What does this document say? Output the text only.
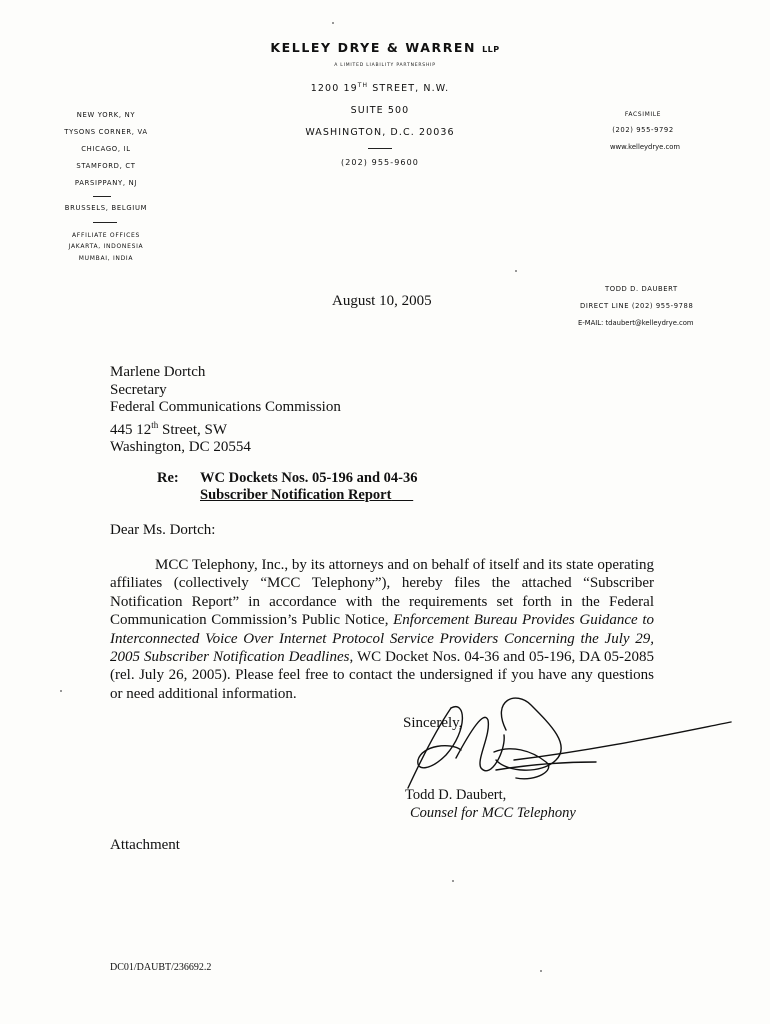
KELLEY DRYE & WARREN LLP
A LIMITED LIABILITY PARTNERSHIP
1200 19TH STREET, N.W.
SUITE 500
WASHINGTON, D.C. 20036
(202) 955-9600
NEW YORK, NY
TYSONS CORNER, VA
CHICAGO, IL
STAMFORD, CT
PARSIPPANY, NJ
BRUSSELS, BELGIUM
AFFILIATE OFFICES
JAKARTA, INDONESIA
MUMBAI, INDIA
FACSIMILE
(202) 955-9792
www.kelleydrye.com
TODD D. DAUBERT
DIRECT LINE (202) 955-9788
E-MAIL: tdaubert@kelleydrye.com
August 10, 2005
Marlene Dortch
Secretary
Federal Communications Commission
445 12th Street, SW
Washington, DC 20554
Re: WC Dockets Nos. 05-196 and 04-36
Subscriber Notification Report
Dear Ms. Dortch:
MCC Telephony, Inc., by its attorneys and on behalf of itself and its state operating affiliates (collectively “MCC Telephony”), hereby files the attached “Subscriber Notification Report” in accordance with the requirements set forth in the Federal Communication Commission’s Public Notice, Enforcement Bureau Provides Guidance to Interconnected Voice Over Internet Protocol Service Providers Concerning the July 29, 2005 Subscriber Notification Deadlines, WC Docket Nos. 04-36 and 05-196, DA 05-2085 (rel. July 26, 2005). Please feel free to contact the undersigned if you have any questions or need additional information.
Sincerely,
Todd D. Daubert,
Counsel for MCC Telephony
Attachment
DC01/DAUBT/236692.2
